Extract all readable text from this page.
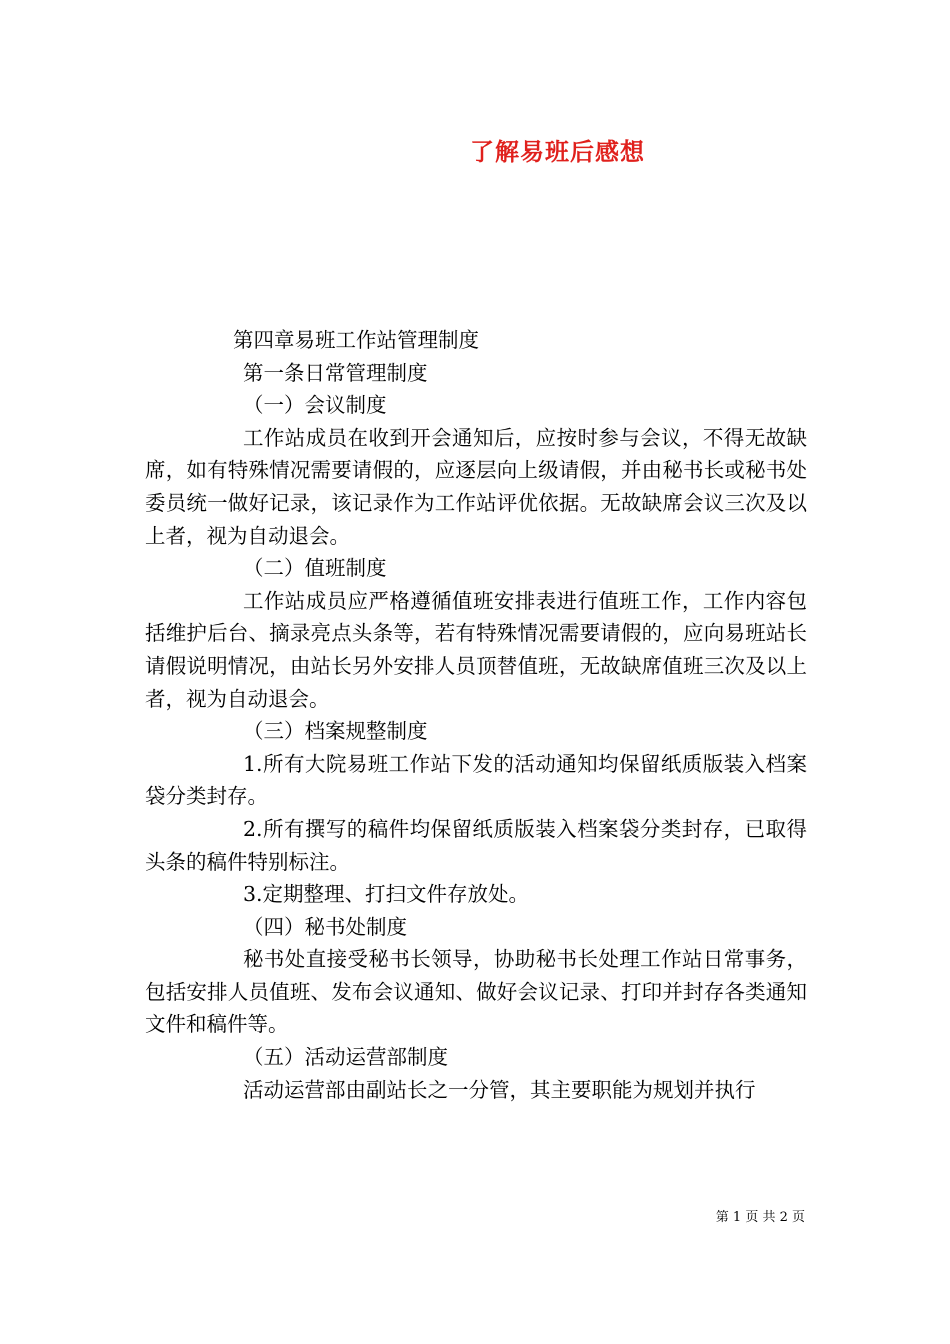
了解易班后感想

第四章易班工作站管理制度

第一条日常管理制度

（一）会议制度

工作站成员在收到开会通知后，应按时参与会议，不得无故缺席，如有特殊情况需要请假的，应逐层向上级请假，并由秘书长或秘书处委员统一做好记录，该记录作为工作站评优依据。无故缺席会议三次及以上者，视为自动退会。

（二）值班制度

工作站成员应严格遵循值班安排表进行值班工作，工作内容包括维护后台、摘录亮点头条等，若有特殊情况需要请假的，应向易班站长请假说明情况，由站长另外安排人员顶替值班，无故缺席值班三次及以上者，视为自动退会。

（三）档案规整制度

1.所有大院易班工作站下发的活动通知均保留纸质版装入档案袋分类封存。

2.所有撰写的稿件均保留纸质版装入档案袋分类封存，已取得头条的稿件特别标注。

3.定期整理、打扫文件存放处。

（四）秘书处制度

秘书处直接受秘书长领导，协助秘书长处理工作站日常事务，包括安排人员值班、发布会议通知、做好会议记录、打印并封存各类通知文件和稿件等。

（五）活动运营部制度

活动运营部由副站长之一分管，其主要职能为规划并执行

第 1 页 共 2 页
